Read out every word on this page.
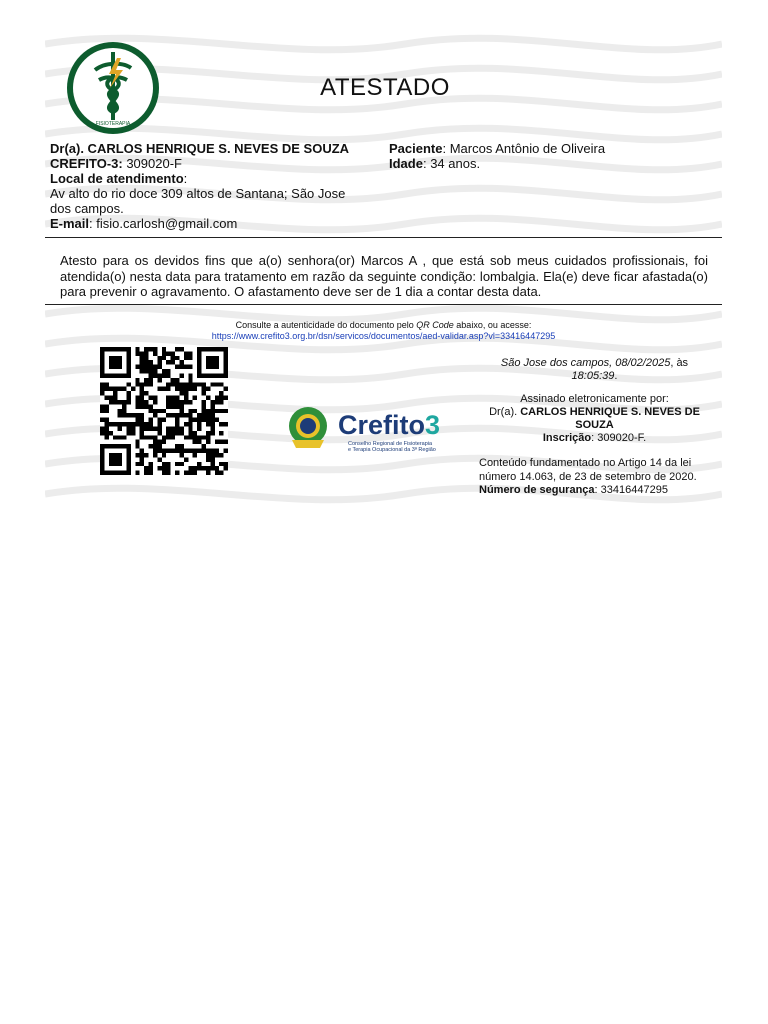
FISIOTERAPIA
ATESTADO
Dr(a). CARLOS HENRIQUE S. NEVES DE SOUZA
CREFITO-3: 309020-F
Local de atendimento:
Av alto do rio doce 309 altos de Santana; São Jose dos campos.
E-mail: fisio.carlosh@gmail.com
Paciente: Marcos Antônio de Oliveira
Idade: 34 anos.
Atesto para os devidos fins que a(o) senhora(or) Marcos A , que está sob meus cuidados profissionais, foi atendida(o) nesta data para tratamento em razão da seguinte condição: lombalgia. Ela(e) deve ficar afastada(o) para prevenir o agravamento. O afastamento deve ser de 1 dia a contar desta data.
Consulte a autenticidade do documento pelo QR Code abaixo, ou acesse:
https://www.crefito3.org.br/dsn/servicos/documentos/aed-validar.asp?vl=33416447295
Crefito3
Conselho Regional de Fisioterapia
e Terapia Ocupacional da 3ª Região
São Jose dos campos, 08/02/2025, às
18:05:39.
Assinado eletronicamente por:
Dr(a). CARLOS HENRIQUE S. NEVES DE SOUZA
Inscrição: 309020-F.
Conteúdo fundamentado no Artigo 14 da lei número 14.063, de 23 de setembro de 2020.
Número de segurança: 33416447295
